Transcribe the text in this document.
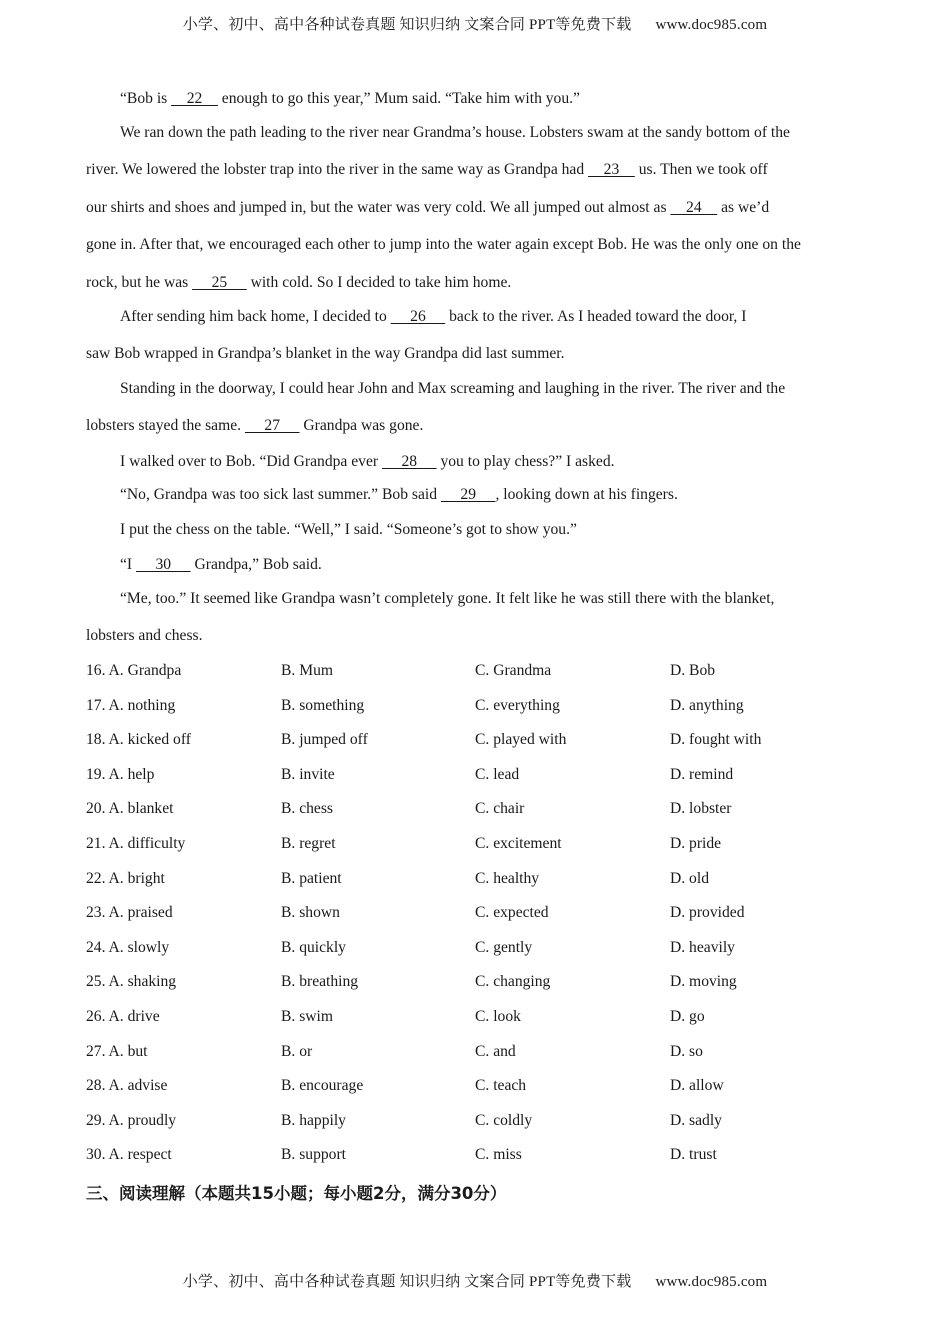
小学、初中、高中各种试卷真题 知识归纳 文案合同 PPT等免费下载 www.doc985.com
“Bob is     22     enough to go this year,” Mum said. “Take him with you.”
We ran down the path leading to the river near Grandma’s house. Lobsters swam at the sandy bottom of the
river. We lowered the lobster trap into the river in the same way as Grandpa had     23     us. Then we took off
our shirts and shoes and jumped in, but the water was very cold. We all jumped out almost as     24     as we’d
gone in. After that, we encouraged each other to jump into the water again except Bob. He was the only one on the
rock, but he was      25      with cold. So I decided to take him home.
After sending him back home, I decided to      26      back to the river. As I headed toward the door, I
saw Bob wrapped in Grandpa’s blanket in the way Grandpa did last summer.
Standing in the doorway, I could hear John and Max screaming and laughing in the river. The river and the
lobsters stayed the same.      27      Grandpa was gone.
I walked over to Bob. “Did Grandpa ever      28      you to play chess?” I asked.
“No, Grandpa was too sick last summer.” Bob said      29     , looking down at his fingers.
I put the chess on the table. “Well,” I said. “Someone’s got to show you.”
“I      30      Grandpa,” Bob said.
“Me, too.” It seemed like Grandpa wasn’t completely gone. It felt like he was still there with the blanket,
lobsters and chess.
16. A. Grandpa	B. Mum	C. Grandma	D. Bob
17. A. nothing	B. something	C. everything	D. anything
18. A. kicked off	B. jumped off	C. played with	D. fought with
19. A. help	B. invite	C. lead	D. remind
20. A. blanket	B. chess	C. chair	D. lobster
21. A. difficulty	B. regret	C. excitement	D. pride
22. A. bright	B. patient	C. healthy	D. old
23. A. praised	B. shown	C. expected	D. provided
24. A. slowly	B. quickly	C. gently	D. heavily
25. A. shaking	B. breathing	C. changing	D. moving
26. A. drive	B. swim	C. look	D. go
27. A. but	B. or	C. and	D. so
28. A. advise	B. encourage	C. teach	D. allow
29. A. proudly	B. happily	C. coldly	D. sadly
30. A. respect	B. support	C. miss	D. trust
三、阅读理解（本题共15小题；每小题2分，满分30分）
小学、初中、高中各种试卷真题 知识归纳 文案合同 PPT等免费下载 www.doc985.com
